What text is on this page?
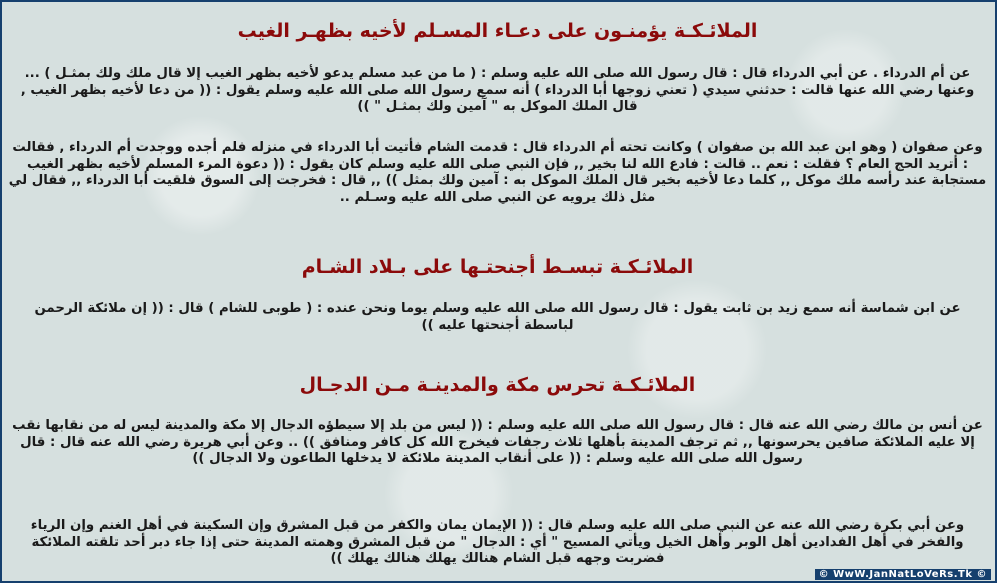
الملائـكـة يؤمنـون على دعـاء المسـلم لأخيه بظهـر الغيب

عن أم الدرداء . عن أبي الدرداء قال : قال رسول الله صلى الله عليه وسلم : ( ما من عبد مسلم يدعو لأخيه بظهر الغيب إلا قال ملك ولك بمثـل ) ... وعنها رضي الله عنها قالت : حدثني سيدي ( تعني زوجها أبا الدرداء ) أنه سمع رسول الله صلى الله عليه وسلم يقول : (( من دعا لأخيه بظهر الغيب , قال الملك الموكل به " آمين ولك بمثـل " ))

وعن صفوان ( وهو ابن عبد الله بن صفوان ) وكانت تحته أم الدرداء قال : قدمت الشام فأتيت أبا الدرداء في منزله فلم أجده ووجدت أم الدرداء , فقالت : أتريد الحج العام ؟ فقلت : نعم .. قالت : فادع الله لنا بخير ,, فإن النبي صلى الله عليه وسلم كان يقول : (( دعوة المرء المسلم لأخيه بظهر الغيب مستجابة عند رأسه ملك موكل ,, كلما دعا لأخيه بخير قال الملك الموكل به : آمين ولك بمثل )) ,, قال : فخرجت إلى السوق فلقيت أبا الدرداء ,, فقال لي مثل ذلك يرويه عن النبي صلى الله عليه وسـلم ..

الملائـكـة تبسـط أجنحتـها على بـلاد الشـام

عن ابن شماسة أنه سمع زيد بن ثابت يقول : قال رسول الله صلى الله عليه وسلم يوما ونحن عنده : ( طوبى للشام ) قال : (( إن ملائكة الرحمن لباسطة أجنحتها عليه ))

الملائـكـة تحرس مكة والمدينـة مـن الدجـال

عن أنس بن مالك رضي الله عنه قال : قال رسول الله صلى الله عليه وسلم : (( ليس من بلد إلا سيطؤه الدجال إلا مكة والمدينة ليس له من نقابها نقب إلا عليه الملائكة صافين يحرسونها ,, ثم ترجف المدينة بأهلها ثلاث رجفات فيخرج الله كل كافر ومنافق )) .. وعن أبي هريرة رضي الله عنه قال : قال رسول الله صلى الله عليه وسلم : (( على أنقاب المدينة ملائكة لا يدخلها الطاعون ولا الدجال ))

وعن أبي بكرة رضي الله عنه عن النبي صلى الله عليه وسلم قال : (( الإيمان يمان والكفر من قبل المشرق وإن السكينة في أهل الغنم وإن الرياء والفخر في أهل الفدادين أهل الوبر وأهل الخيل ويأتي المسيح " أي : الدجال " من قبل المشرق وهمته المدينة حتى إذا جاء دبر أحد تلقته الملائكة فضربت وجهه قبل الشام هنالك يهلك هنالك يهلك ))

© WwW.JanNatLoVeRs.Tk ©
